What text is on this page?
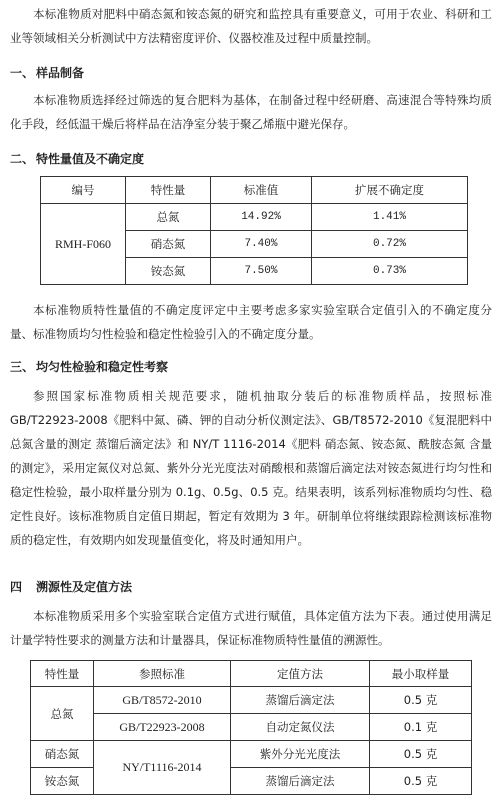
本标准物质对肥料中硝态氮和铵态氮的研究和监控具有重要意义，可用于农业、科研和工业等领域相关分析测试中方法精密度评价、仪器校准及过程中质量控制。

一、 样品制备

本标准物质选择经过筛选的复合肥料为基体，在制备过程中经研磨、高速混合等特殊均质化手段，经低温干燥后将样品在洁净室分装于聚乙烯瓶中避光保存。

二、 特性量值及不确定度
编号	特性量	标准值	扩展不确定度
RMH-F060	总氮	14.92%	1.41%
	硝态氮	7.40%	0.72%
	铵态氮	7.50%	0.73%

本标准物质特性量值的不确定度评定中主要考虑多家实验室联合定值引入的不确定度分量、标准物质均匀性检验和稳定性检验引入的不确定度分量。

三、 均匀性检验和稳定性考察

参照国家标准物质相关规范要求，随机抽取分装后的标准物质样品，按照标准GB/T22923-2008《肥料中氮、磷、钾的自动分析仪测定法》、GB/T8572-2010《复混肥料中总氮含量的测定 蒸馏后滴定法》和 NY/T 1116-2014《肥料 硝态氮、铵态氮、酰胺态氮 含量的测定》，采用定氮仪对总氮、紫外分光光度法对硝酸根和蒸馏后滴定法对铵态氮进行均匀性和稳定性检验，最小取样量分别为 0.1g、0.5g、0.5 克。结果表明，该系列标准物质均匀性、稳定性良好。该标准物质自定值日期起，暂定有效期为 3 年。研制单位将继续跟踪检测该标准物质的稳定性，有效期内如发现量值变化，将及时通知用户。

四 溯源性及定值方法

本标准物质采用多个实验室联合定值方式进行赋值，具体定值方法为下表。通过使用满足计量学特性要求的测量方法和计量器具，保证标准物质特性量值的溯源性。

特性量	参照标准	定值方法	最小取样量
总氮	GB/T8572-2010	蒸馏后滴定法	0.5 克
	GB/T22923-2008	自动定氮仪法	0.1 克
硝态氮	NY/T1116-2014	紫外分光光度法	0.5 克
铵态氮		蒸馏后滴定法	0.5 克
